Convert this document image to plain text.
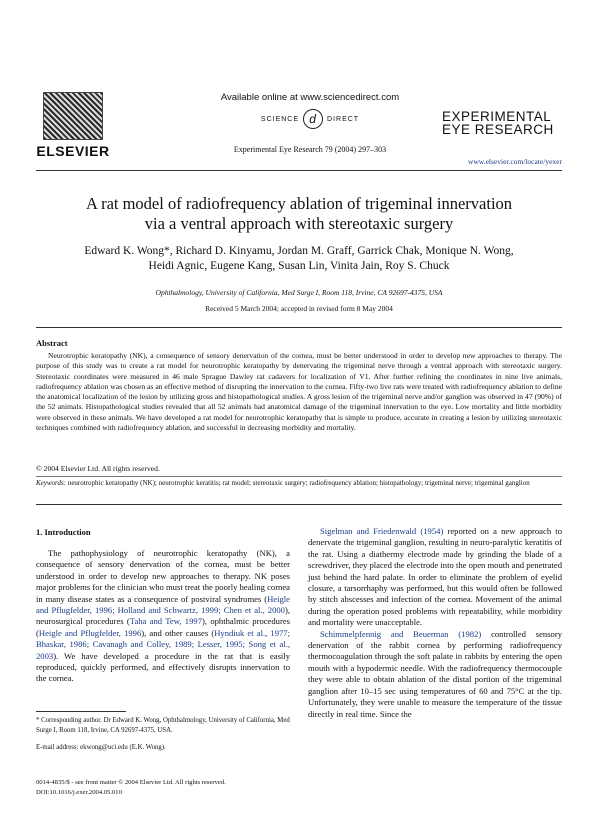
ELSEVIER
Available online at www.sciencedirect.com
SCIENCE d	DIRECT
Experimental Eye Research 79 (2004) 297–303
EXPERIMENTAL
EYE RESEARCH
www.elsevier.com/locate/yexer
A rat model of radiofrequency ablation of trigeminal innervation
via a ventral approach with stereotaxic surgery
Edward K. Wong*, Richard D. Kinyamu, Jordan M. Graff, Garrick Chak, Monique N. Wong,
Heidi Agnic, Eugene Kang, Susan Lin, Vinita Jain, Roy S. Chuck
Ophthalmology, University of California, Med Surge I, Room 118, Irvine, CA 92697-4375, USA
Received 5 March 2004; accepted in revised form 8 May 2004
Abstract
Neurotrophic keratopathy (NK), a consequence of sensory denervation of the cornea, must be better understood in order to develop new approaches to therapy. The purpose of this study was to create a rat model for neurotrophic keratopathy by denervating the trigeminal nerve through a ventral approach with stereotaxic surgery. Stereotaxic coordinates were measured in 46 male Sprague Dawley rat cadavers for localization of V1. After further refining the coordinates in nine live animals, radiofrequency ablation was chosen as an effective method of disrupting the innervation to the cornea. Fifty-two live rats were treated with radiofrequency ablation to define the anatomical localization of the lesion by utilizing gross and histopathological studies. A gross lesion of the trigeminal nerve and/or ganglion was observed in 47 (90%) of the 52 animals. Histopathological studies revealed that all 52 animals had anatomical damage of the trigeminal innervation to the eye. Low mortality and little morbidity were observed in these animals. We have developed a rat model for neurotrophic keratopathy that is simple to produce, accurate in creating a lesion by utilizing stereotaxic techniques combined with radiofrequency ablation, and successful in decreasing morbidity and mortality.
© 2004 Elsevier Ltd. All rights reserved.
Keywords: neurotrophic keratopathy (NK); neurotrophic keratitis; rat model; stereotaxic surgery; radiofrequency ablation; histopathology; trigeminal nerve; trigeminal ganglion
1. Introduction
The pathophysiology of neurotrophic keratopathy (NK), a consequence of sensory denervation of the cornea, must be better understood in order to develop new approaches to therapy. NK poses major problems for the clinician who must treat the poorly healing cornea in many disease states as a consequence of postviral syndromes (Heigle and Pflugfelder, 1996; Holland and Schwartz, 1999; Chen et al., 2000), neurosurgical procedures (Taha and Tew, 1997), ophthalmic procedures (Heigle and Pflugfelder, 1996), and other causes (Hyndiuk et al., 1977; Bhaskar, 1986; Cavanagh and Colley, 1989; Lesser, 1995; Song et al., 2003). We have developed a procedure in the rat that is easily reproduced, quickly performed, and effectively disrupts innervation to the cornea.

Sigelman and Friedenwald (1954) reported on a new approach to denervate the trigeminal ganglion, resulting in neuro-paralytic keratitis of the rat. Using a diathermy electrode made by grinding the blade of a screwdriver, they placed the electrode into the open mouth and penetrated just behind the hard palate. In order to eliminate the problem of eyelid closure, a tarsorrhaphy was performed, but this would often be followed by stitch abscesses and infection of the cornea. Movement of the animal during the operation posed problems with repeatability, while morbidity and mortality were unacceptable.

Schimmelpfennig and Beuerman (1982) controlled sensory denervation of the rabbit cornea by performing radiofrequency thermocoagulation through the soft palate in rabbits by entering the open mouth with a hypodermic needle. With the radiofrequency thermocouple they were able to obtain ablation of the distal portion of the trigeminal ganglion after 10–15 sec using temperatures of 60 and 75°C at the tip. Unfortunately, they were unable to measure the temperature of the tissue directly in real time. Since the

* Corresponding author. Dr Edward K. Wong, Ophthalmology, University of California, Med Surge I, Room 118, Irvine, CA 92697-4375, USA.
E-mail address: ekwong@uci.edu (E.K. Wong).
0014-4835/$ - see front matter © 2004 Elsevier Ltd. All rights reserved.
DOI:10.1016/j.exer.2004.05.010
